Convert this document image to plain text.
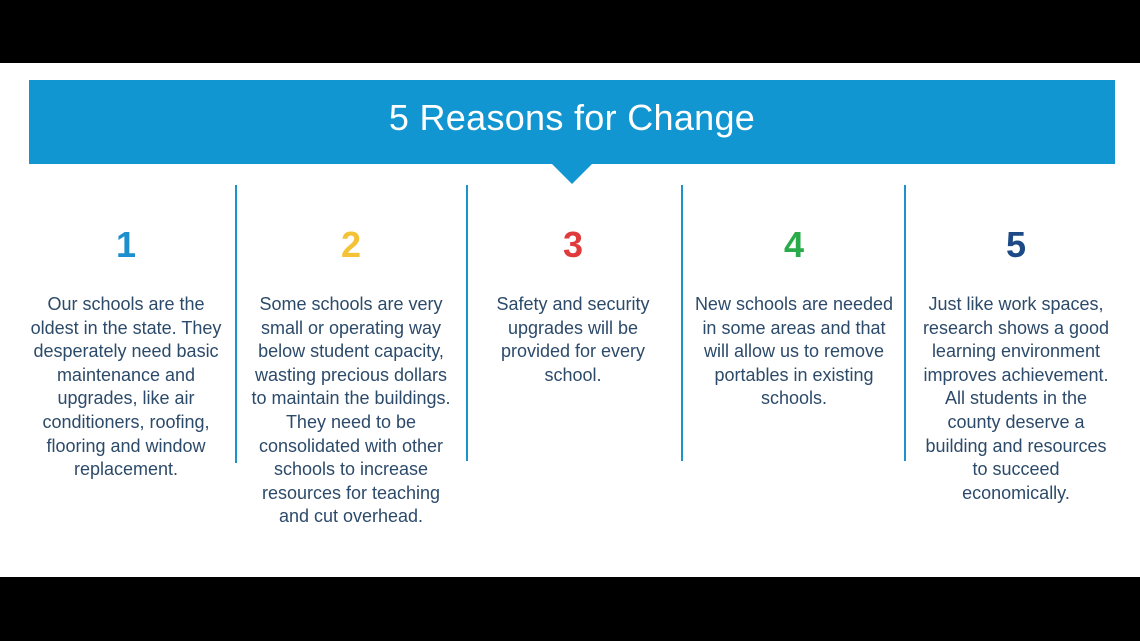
5 Reasons for Change
1
Our schools are the oldest in the state. They desperately need basic maintenance and upgrades, like air conditioners, roofing, flooring and window replacement.
2
Some schools are very small or operating way below student capacity, wasting precious dollars to maintain the buildings. They need to be consolidated with other schools to increase resources for teaching and cut overhead.
3
Safety and security upgrades will be provided for every school.
4
New schools are needed in some areas and that will allow us to remove portables in existing schools.
5
Just like work spaces, research shows a good learning environment improves achievement. All students in the county deserve a building and resources to succeed economically.
